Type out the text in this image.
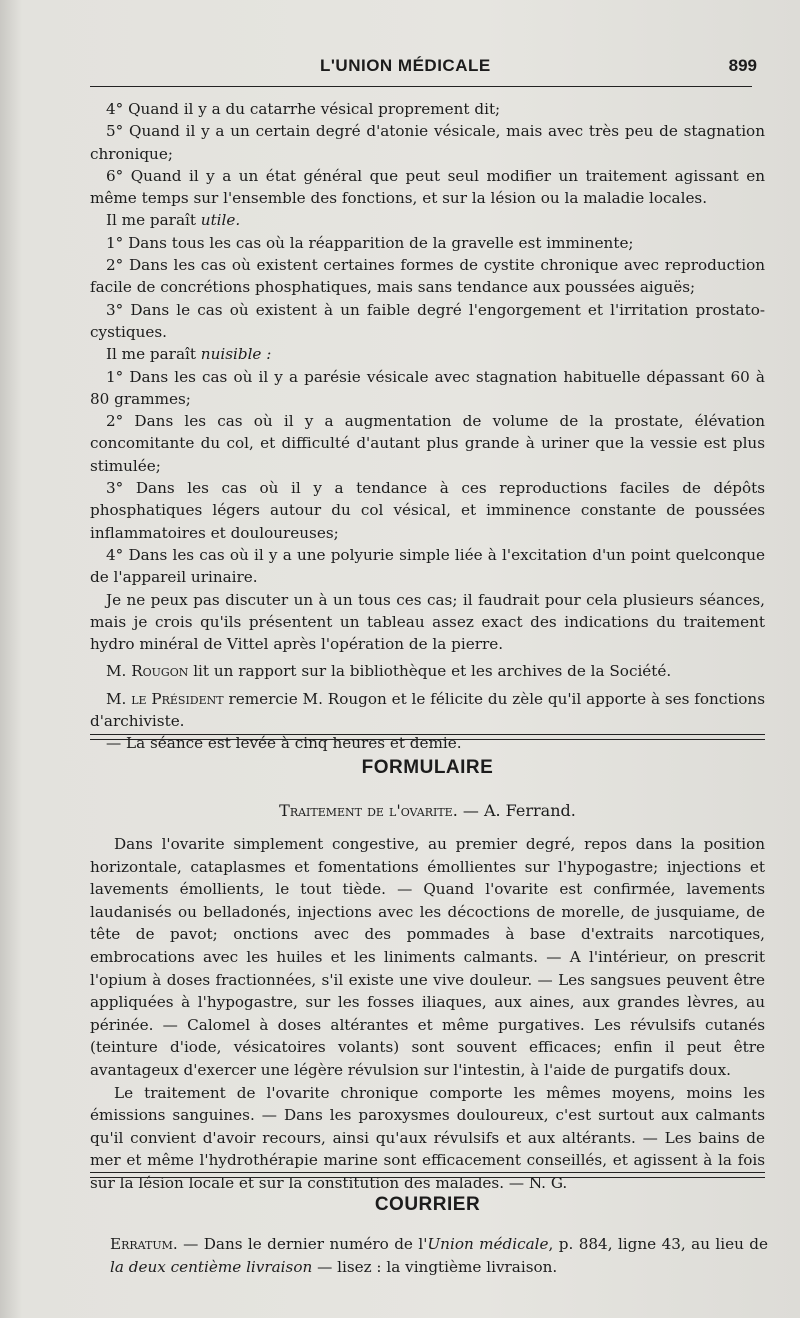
L'UNION MÉDICALE	899

4° Quand il y a du catarrhe vésical proprement dit;

5° Quand il y a un certain degré d'atonie vésicale, mais avec très peu de stagnation chronique;

6° Quand il y a un état général que peut seul modifier un traitement agissant en même temps sur l'ensemble des fonctions, et sur la lésion ou la maladie locales.

Il me paraît utile.

1° Dans tous les cas où la réapparition de la gravelle est imminente;

2° Dans les cas où existent certaines formes de cystite chronique avec reproduction facile de concrétions phosphatiques, mais sans tendance aux poussées aiguës;

3° Dans le cas où existent à un faible degré l'engorgement et l'irritation prostato-cystiques.

Il me paraît nuisible :

1° Dans les cas où il y a parésie vésicale avec stagnation habituelle dépassant 60 à 80 grammes;

2° Dans les cas où il y a augmentation de volume de la prostate, élévation concomitante du col, et difficulté d'autant plus grande à uriner que la vessie est plus stimulée;

3° Dans les cas où il y a tendance à ces reproductions faciles de dépôts phosphatiques légers autour du col vésical, et imminence constante de poussées inflammatoires et douloureuses;

4° Dans les cas où il y a une polyurie simple liée à l'excitation d'un point quelconque de l'appareil urinaire.

Je ne peux pas discuter un à un tous ces cas; il faudrait pour cela plusieurs séances, mais je crois qu'ils présentent un tableau assez exact des indications du traitement hydro minéral de Vittel après l'opération de la pierre.

M. Rougon lit un rapport sur la bibliothèque et les archives de la Société.

M. le Président remercie M. Rougon et le félicite du zèle qu'il apporte à ses fonctions d'archiviste.

— La séance est levée à cinq heures et demie.

FORMULAIRE
Traitement de l'ovarite. — A. Ferrand.

Dans l'ovarite simplement congestive, au premier degré, repos dans la position horizontale, cataplasmes et fomentations émollientes sur l'hypogastre; injections et lavements émollients, le tout tiède. — Quand l'ovarite est confirmée, lavements laudanisés ou belladonés, injections avec les décoctions de morelle, de jusquiame, de tête de pavot; onctions avec des pommades à base d'extraits narcotiques, embrocations avec les huiles et les liniments calmants. — A l'intérieur, on prescrit l'opium à doses fractionnées, s'il existe une vive douleur. — Les sangsues peuvent être appliquées à l'hypogastre, sur les fosses iliaques, aux aines, aux grandes lèvres, au périnée. — Calomel à doses altérantes et même purgatives. Les révulsifs cutanés (teinture d'iode, vésicatoires volants) sont souvent efficaces; enfin il peut être avantageux d'exercer une légère révulsion sur l'intestin, à l'aide de purgatifs doux.

Le traitement de l'ovarite chronique comporte les mêmes moyens, moins les émissions sanguines. — Dans les paroxysmes douloureux, c'est surtout aux calmants qu'il convient d'avoir recours, ainsi qu'aux révulsifs et aux altérants. — Les bains de mer et même l'hydrothérapie marine sont efficacement conseillés, et agissent à la fois sur la lésion locale et sur la constitution des malades. — N. G.

COURRIER

Erratum. — Dans le dernier numéro de l'Union médicale, p. 884, ligne 43, au lieu de la deux centième livraison — lisez : la vingtième livraison.
